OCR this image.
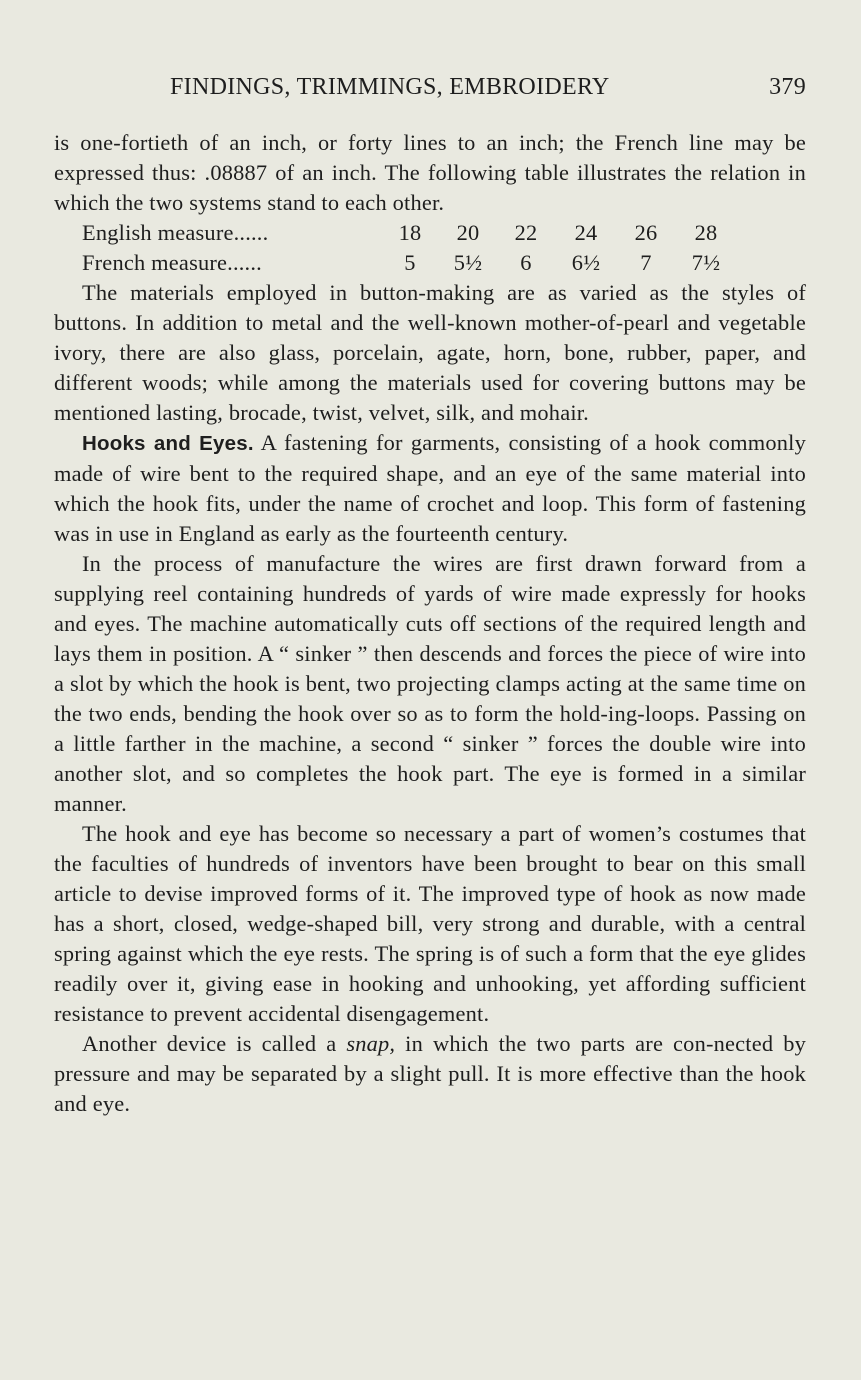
FINDINGS, TRIMMINGS, EMBROIDERY	379

is one-fortieth of an inch, or forty lines to an inch; the French line may be expressed thus: .08887 of an inch. The following table illustrates the relation in which the two systems stand to each other.

English measure......	18	20	22	24	26	28
French measure......	5	5½	6	6½	7	7½

The materials employed in button-making are as varied as the styles of buttons. In addition to metal and the well-known mother-of-pearl and vegetable ivory, there are also glass, porcelain, agate, horn, bone, rubber, paper, and different woods; while among the materials used for covering buttons may be mentioned lasting, brocade, twist, velvet, silk, and mohair.

Hooks and Eyes. A fastening for garments, consisting of a hook commonly made of wire bent to the required shape, and an eye of the same material into which the hook fits, under the name of crochet and loop. This form of fastening was in use in England as early as the fourteenth century.

In the process of manufacture the wires are first drawn forward from a supplying reel containing hundreds of yards of wire made expressly for hooks and eyes. The machine automatically cuts off sections of the required length and lays them in position. A “ sinker ” then descends and forces the piece of wire into a slot by which the hook is bent, two projecting clamps acting at the same time on the two ends, bending the hook over so as to form the hold-ing-loops. Passing on a little farther in the machine, a second “ sinker ” forces the double wire into another slot, and so completes the hook part. The eye is formed in a similar manner.

The hook and eye has become so necessary a part of women’s costumes that the faculties of hundreds of inventors have been brought to bear on this small article to devise improved forms of it. The improved type of hook as now made has a short, closed, wedge-shaped bill, very strong and durable, with a central spring against which the eye rests. The spring is of such a form that the eye glides readily over it, giving ease in hooking and unhooking, yet affording sufficient resistance to prevent accidental disengagement.

Another device is called a snap, in which the two parts are con-nected by pressure and may be separated by a slight pull. It is more effective than the hook and eye.
